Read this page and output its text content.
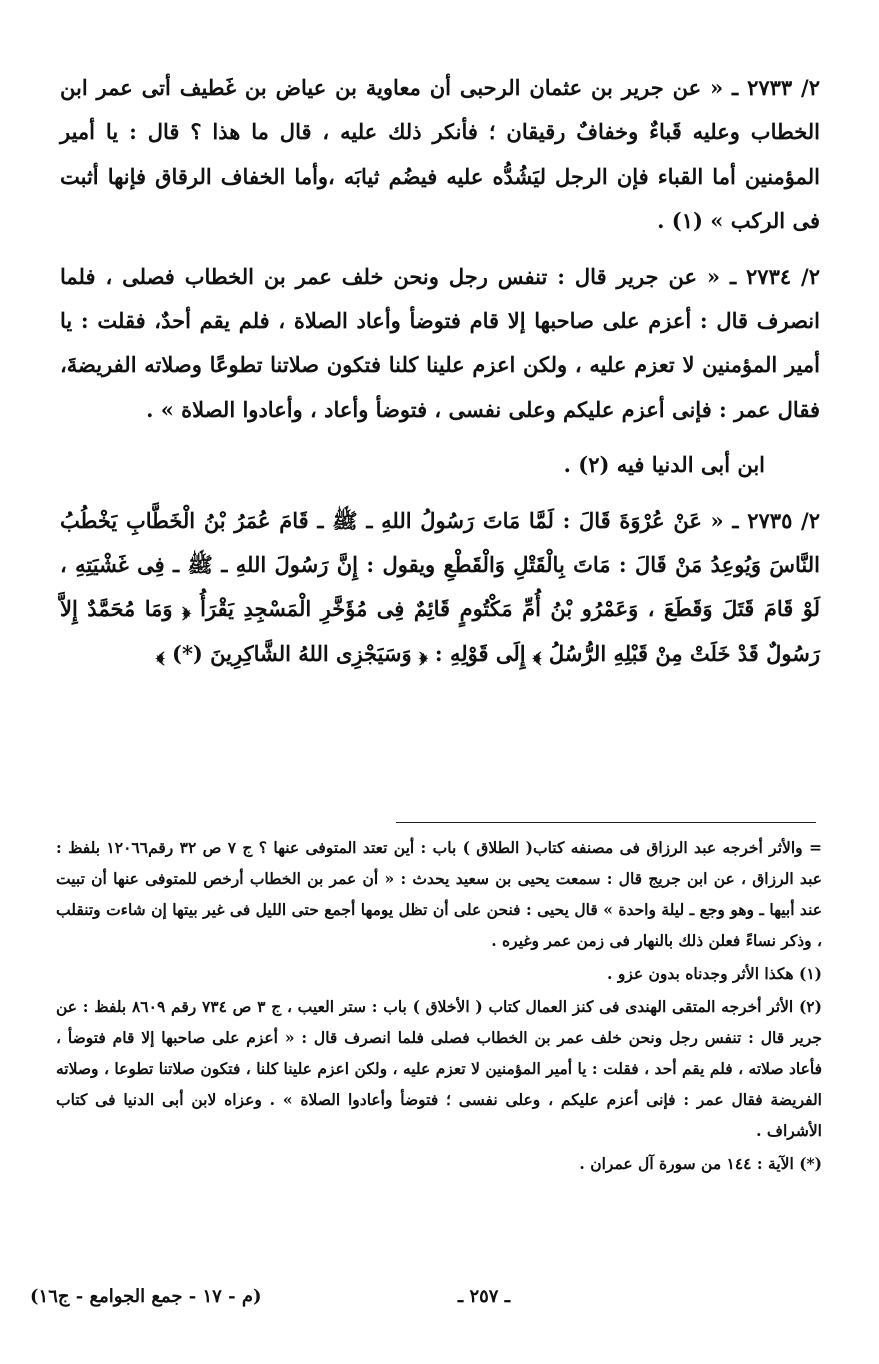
٢/ ٢٧٣٣ ـ « عن جرير بن عثمان الرحبى أن معاوية بن عياض بن غَطيف أتى عمر ابن الخطاب وعليه قَباءٌ وخفافٌ رقيقان ؛ فأنكر ذلك عليه ، قال ما هذا ؟ قال : يا أمير المؤمنين أما القباء فإن الرجل ليَشُدُّه عليه فيضُم ثيابَه ،وأما الخفاف الرقاق فإنها أثبت فى الركب » (١) .

٢/ ٢٧٣٤ ـ « عن جرير قال : تنفس رجل ونحن خلف عمر بن الخطاب فصلى ، فلما انصرف قال : أعزم على صاحبها إلا قام فتوضأ وأعاد الصلاة ، فلم يقم أحدٌ، فقلت : يا أمير المؤمنين لا تعزم عليه ، ولكن اعزم علينا كلنا فتكون صلاتنا تطوعًا وصلاته الفريضةَ، فقال عمر : فإنى أعزم عليكم وعلى نفسى ، فتوضأ وأعاد ، وأعادوا الصلاة » .

ابن أبى الدنيا فيه (٢) .

٢/ ٢٧٣٥ ـ « عَنْ عُرْوَةَ قَالَ : لَمَّا مَاتَ رَسُولُ اللهِ ـ ﷺ ـ قَامَ عُمَرُ بْنُ الْخَطَّابِ يَخْطُبُ النَّاسَ وَيُوعِدُ مَنْ قَالَ : مَاتَ بِالْقَتْلِ وَالْقَطْعِ ويقول : إِنَّ رَسُولَ اللهِ ـ ﷺ ـ فِى غَشْيَتِهِ ، لَوْ قَامَ قَتَلَ وَقَطَعَ ، وَعَمْرُو بْنُ أُمِّ مَكْتُومٍ قَائِمٌ فِى مُؤَخَّرِ الْمَسْجِدِ يَقْرَأُ ﴿ وَمَا مُحَمَّدٌ إِلاَّ رَسُولٌ قَدْ خَلَتْ مِنْ قَبْلِهِ الرُّسُلُ ﴾ إِلَى قَوْلِهِ : ﴿ وَسَيَجْزِى اللهُ الشَّاكِرِينَ (*) ﴾

= والأثر أخرجه عبد الرزاق فى مصنفه كتاب( الطلاق ) باب : أين تعتد المتوفى عنها ؟ ج ٧ ص ٣٢ رقم١٢٠٦٦ بلفظ : عبد الرزاق ، عن ابن جريج قال : سمعت يحيى بن سعيد يحدث : « أن عمر بن الخطاب أرخص للمتوفى عنها أن تبيت عند أبيها ـ وهو وجع ـ ليلة واحدة » قال يحيى : فنحن على أن تظل يومها أجمع حتى الليل فى غير بيتها إن شاءت وتنقلب ، وذكر نساءً فعلن ذلك بالنهار فى زمن عمر وغيره .

(١) هكذا الأثر وجدناه بدون عزو .

(٢) الأثر أخرجه المتقى الهندى فى كنز العمال كتاب ( الأخلاق ) باب : ستر العيب ، ج ٣ ص ٧٣٤ رقم ٨٦٠٩ بلفظ : عن جرير قال : تنفس رجل ونحن خلف عمر بن الخطاب فصلى فلما انصرف قال : « أعزم على صاحبها إلا قام فتوضأ ، فأعاد صلاته ، فلم يقم أحد ، فقلت : يا أمير المؤمنين لا تعزم عليه ، ولكن اعزم علينا كلنا ، فتكون صلاتنا تطوعا ، وصلاته الفريضة فقال عمر : فإنى أعزم عليكم ، وعلى نفسى ؛ فتوضأ وأعادوا الصلاة » . وعزاه لابن أبى الدنيا فى كتاب الأشراف .

(*) الآية : ١٤٤ من سورة آل عمران .

ـ ٢٥٧ ـ
(م - ١٧ - جمع الجوامع - ج١٦)
